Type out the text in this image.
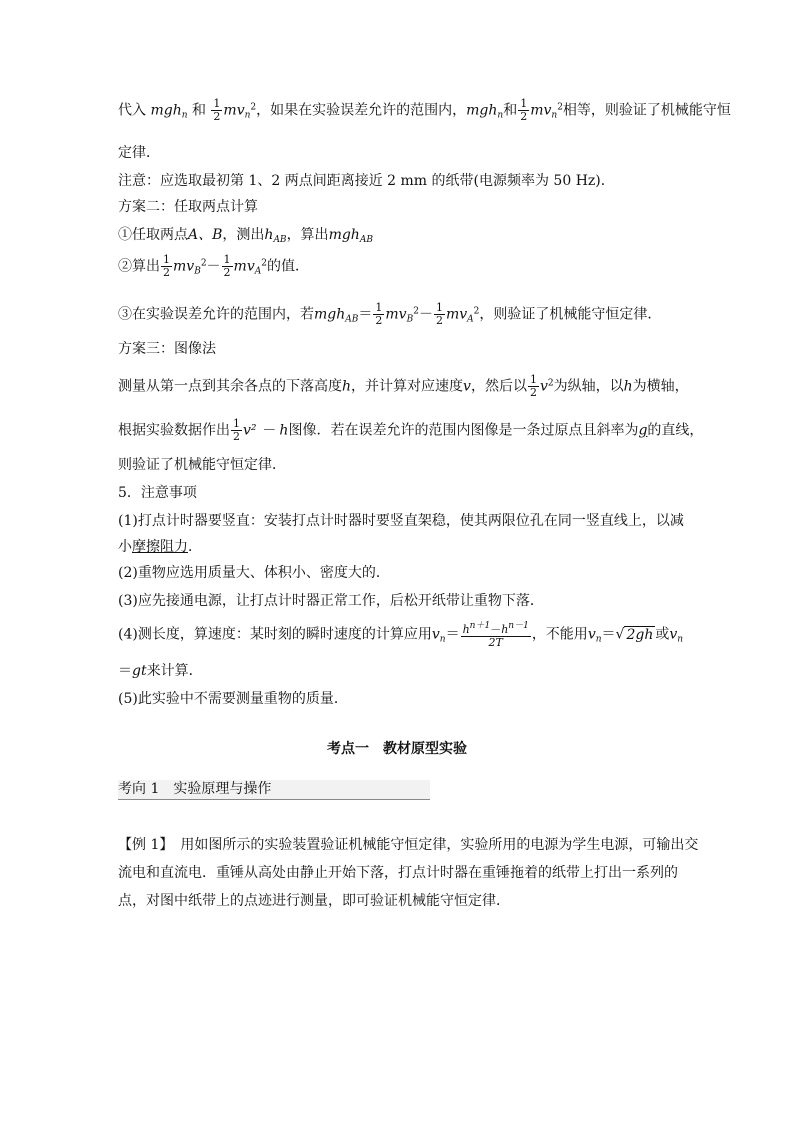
代入 mgh$_n$ 和 $\frac{1}{2} mv_n^2$，如果在实验误差允许的范围内，mgh$_n$和 $\frac{1}{2} mv_n^2$相等，则验证了机械能守恒
定律．
注意：应选取最初第 1、2 两点间距离接近 2 mm 的纸带(电源频率为 50 Hz)．
方案二：任取两点计算
①任取两点A、B，测出$h_{AB}$，算出mgh$_{AB}$
②算出 $\frac{1}{2} mv_B^2- \frac{1}{2} mv_A^2$的值．
③在实验误差允许的范围内，若$mgh_{AB}= \frac{1}{2} mv_B^2- \frac{1}{2} mv_A^2$，则验证了机械能守恒定律．
方案三：图像法
测量从第一点到其余各点的下落高度h，并计算对应速度v，然后以 $\frac{1}{2} v^2$为纵轴，以h为横轴，
根据实验数据作出 $\frac{1}{2} v^2 - h$图像．若在误差允许的范围内图像是一条过原点且斜率为g的直线，
则验证了机械能守恒定律．
5．注意事项
(1)打点计时器要竖直：安装打点计时器时要竖直架稳，使其两限位孔在同一竖直线上，以减
小摩擦阻力．
(2)重物应选用质量大、体积小、密度大的．
(3)应先接通电源，让打点计时器正常工作，后松开纸带让重物下落．
(4)测长度，算速度：某时刻的瞬时速度的计算应用$v_n= \frac{h^{n+1}-h^{n-1}}{2T}$ ，不能用$v_n=√$ 2gh 或$v_n$
＝gt来计算．
(5)此实验中不需要测量重物的质量．
考点一　教材原型实验
考向 1　实验原理与操作
【例 1】　用如图所示的实验装置验证机械能守恒定律，实验所用的电源为学生电源，可输出交
流电和直流电．重锤从高处由静止开始下落，打点计时器在重锤拖着的纸带上打出一系列的
点，对图中纸带上的点迹进行测量，即可验证机械能守恒定律．
